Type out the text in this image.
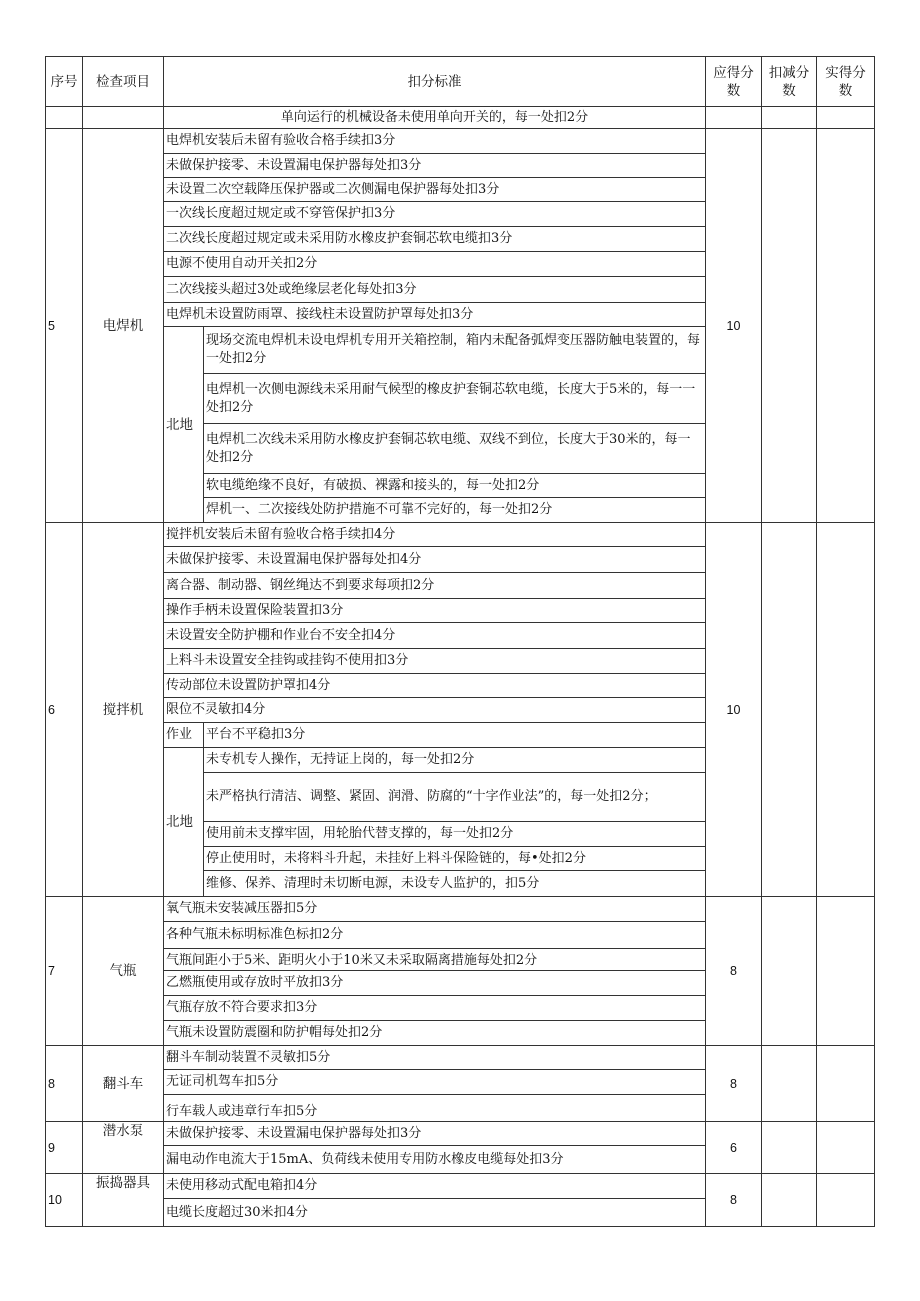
序号	检查项目	扣分标准		应得分数	扣减分数	实得分数
		单向运行的机械设备未使用单向开关的，每一处扣2分				
5	电焊机	电焊机安装后未留有验收合格手续扣3分		10		
		未做保护接零、未设置漏电保护器每处扣3分				
		未设置二次空载降压保护器或二次侧漏电保护器每处扣3分				
		一次线长度超过规定或不穿管保护扣3分				
		二次线长度超过规定或未采用防水橡皮护套铜芯软电缆扣3分				
		电源不使用自动开关扣2分				
		二次线接头超过3处或绝缘层老化每处扣3分				
		电焊机未设置防雨罩、接线柱未设置防护罩每处扣3分				
		北地	现场交流电焊机未设电焊机专用开关箱控制，箱内未配备弧焊变压器防触电装置的，每一处扣2分			
			电焊机一次侧电源线未采用耐气候型的橡皮护套铜芯软电缆，长度大于5米的，每一一处扣2分			
			电焊机二次线未采用防水橡皮护套铜芯软电缆、双线不到位，长度大于30米的，每一处扣2分			
			软电缆绝缘不良好，有破损、裸露和接头的，每一处扣2分			
			焊机一、二次接线处防护措施不可靠不完好的，每一处扣2分			
6	搅拌机	搅拌机安装后未留有验收合格手续扣4分		10		
		未做保护接零、未设置漏电保护器每处扣4分				
		离合器、制动器、钢丝绳达不到要求每项扣2分				
		操作手柄未设置保险装置扣3分				
		未设置安全防护棚和作业台不安全扣4分				
		上料斗未设置安全挂钩或挂钩不使用扣3分				
		传动部位未设置防护罩扣4分				
		限位不灵敏扣4分				
		作业	平台不平稳扣3分			
		北地	未专机专人操作，无持证上岗的，每一处扣2分			
			未严格执行清洁、调整、紧固、润滑、防腐的“十字作业法”的，每一处扣2分；			
			使用前未支撑牢固，用轮胎代替支撑的，每一处扣2分			
			停止使用时，未将料斗升起，未挂好上料斗保险链的，每•处扣2分			
			维修、保养、清理时未切断电源，未设专人监护的，扣5分			
7	气瓶	氧气瓶未安装减压器扣5分		8		
		各种气瓶未标明标准色标扣2分				
		气瓶间距小于5米、距明火小于10米又未采取隔离措施每处扣2分				
		乙燃瓶使用或存放时平放扣3分				
		气瓶存放不符合要求扣3分				
		气瓶未设置防震圈和防护帽每处扣2分				
8	翻斗车	翻斗车制动装置不灵敏扣5分		8		
		无证司机驾车扣5分				
		行车载人或违章行车扣5分				
9	潜水泵	未做保护接零、未设置漏电保护器每处扣3分		6		
		漏电动作电流大于15mA、负荷线未使用专用防水橡皮电缆每处扣3分				
10	振捣器具	未使用移动式配电箱扣4分		8		
		电缆长度超过30米扣4分				
